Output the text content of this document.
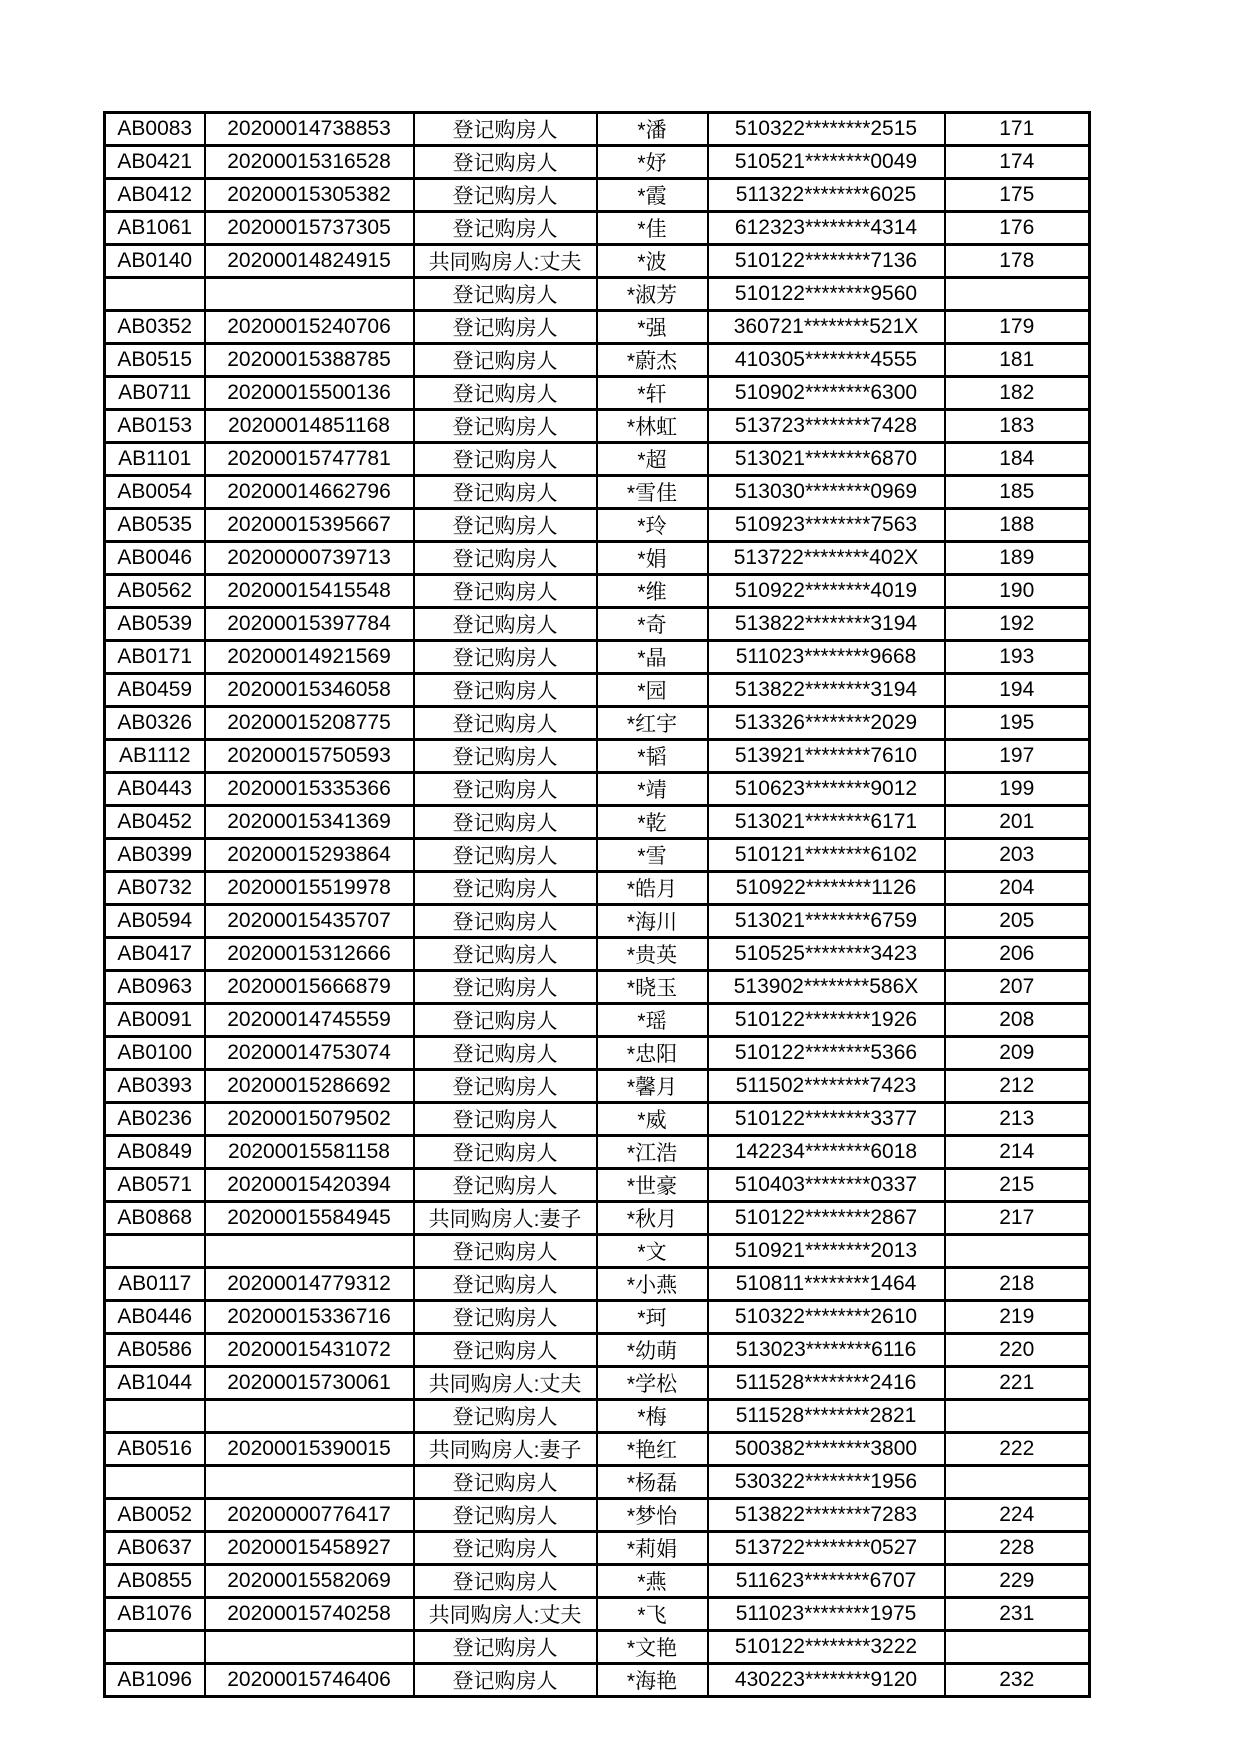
AB0083	20200014738853	登记购房人	*潘	510322********2515	171
AB0421	20200015316528	登记购房人	*妤	510521********0049	174
AB0412	20200015305382	登记购房人	*霞	511322********6025	175
AB1061	20200015737305	登记购房人	*佳	612323********4314	176
AB0140	20200014824915	共同购房人:丈夫	*波	510122********7136	178
		登记购房人	*淑芳	510122********9560	
AB0352	20200015240706	登记购房人	*强	360721********521X	179
AB0515	20200015388785	登记购房人	*蔚杰	410305********4555	181
AB0711	20200015500136	登记购房人	*轩	510902********6300	182
AB0153	20200014851168	登记购房人	*林虹	513723********7428	183
AB1101	20200015747781	登记购房人	*超	513021********6870	184
AB0054	20200014662796	登记购房人	*雪佳	513030********0969	185
AB0535	20200015395667	登记购房人	*玲	510923********7563	188
AB0046	20200000739713	登记购房人	*娟	513722********402X	189
AB0562	20200015415548	登记购房人	*维	510922********4019	190
AB0539	20200015397784	登记购房人	*奇	513822********3194	192
AB0171	20200014921569	登记购房人	*晶	511023********9668	193
AB0459	20200015346058	登记购房人	*园	513822********3194	194
AB0326	20200015208775	登记购房人	*红宇	513326********2029	195
AB1112	20200015750593	登记购房人	*韬	513921********7610	197
AB0443	20200015335366	登记购房人	*靖	510623********9012	199
AB0452	20200015341369	登记购房人	*乾	513021********6171	201
AB0399	20200015293864	登记购房人	*雪	510121********6102	203
AB0732	20200015519978	登记购房人	*皓月	510922********1126	204
AB0594	20200015435707	登记购房人	*海川	513021********6759	205
AB0417	20200015312666	登记购房人	*贵英	510525********3423	206
AB0963	20200015666879	登记购房人	*晓玉	513902********586X	207
AB0091	20200014745559	登记购房人	*瑶	510122********1926	208
AB0100	20200014753074	登记购房人	*忠阳	510122********5366	209
AB0393	20200015286692	登记购房人	*馨月	511502********7423	212
AB0236	20200015079502	登记购房人	*威	510122********3377	213
AB0849	20200015581158	登记购房人	*江浩	142234********6018	214
AB0571	20200015420394	登记购房人	*世豪	510403********0337	215
AB0868	20200015584945	共同购房人:妻子	*秋月	510122********2867	217
		登记购房人	*文	510921********2013	
AB0117	20200014779312	登记购房人	*小燕	510811********1464	218
AB0446	20200015336716	登记购房人	*珂	510322********2610	219
AB0586	20200015431072	登记购房人	*幼萌	513023********6116	220
AB1044	20200015730061	共同购房人:丈夫	*学松	511528********2416	221
		登记购房人	*梅	511528********2821	
AB0516	20200015390015	共同购房人:妻子	*艳红	500382********3800	222
		登记购房人	*杨磊	530322********1956	
AB0052	20200000776417	登记购房人	*梦怡	513822********7283	224
AB0637	20200015458927	登记购房人	*莉娟	513722********0527	228
AB0855	20200015582069	登记购房人	*燕	511623********6707	229
AB1076	20200015740258	共同购房人:丈夫	*飞	511023********1975	231
		登记购房人	*文艳	510122********3222	
AB1096	20200015746406	登记购房人	*海艳	430223********9120	232
